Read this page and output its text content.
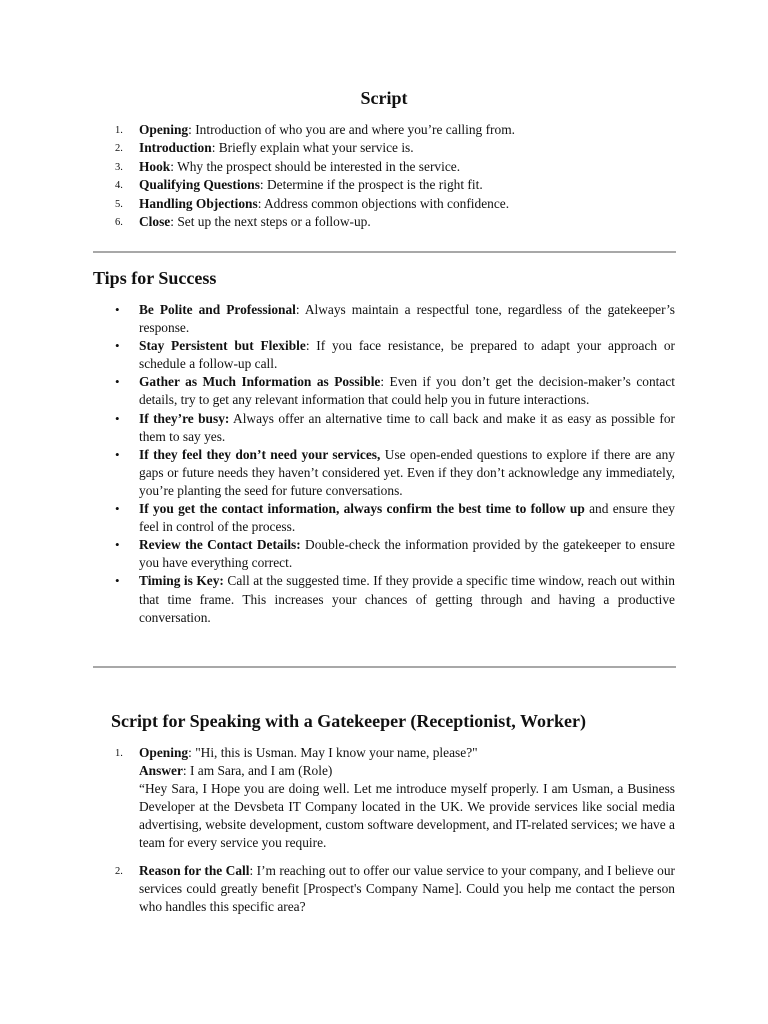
Script
1. Opening: Introduction of who you are and where you’re calling from.
2. Introduction: Briefly explain what your service is.
3. Hook: Why the prospect should be interested in the service.
4. Qualifying Questions: Determine if the prospect is the right fit.
5. Handling Objections: Address common objections with confidence.
6. Close: Set up the next steps or a follow-up.
Tips for Success
• Be Polite and Professional: Always maintain a respectful tone, regardless of the gatekeeper’s response.
• Stay Persistent but Flexible: If you face resistance, be prepared to adapt your approach or schedule a follow-up call.
• Gather as Much Information as Possible: Even if you don’t get the decision-maker’s contact details, try to get any relevant information that could help you in future interactions.
• If they’re busy: Always offer an alternative time to call back and make it as easy as possible for them to say yes.
• If they feel they don’t need your services, Use open-ended questions to explore if there are any gaps or future needs they haven’t considered yet. Even if they don’t acknowledge any immediately, you’re planting the seed for future conversations.
• If you get the contact information, always confirm the best time to follow up and ensure they feel in control of the process.
• Review the Contact Details: Double-check the information provided by the gatekeeper to ensure you have everything correct.
• Timing is Key: Call at the suggested time. If they provide a specific time window, reach out within that time frame. This increases your chances of getting through and having a productive conversation.
Script for Speaking with a Gatekeeper (Receptionist, Worker)
1. Opening: "Hi, this is Usman. May I know your name, please?"
Answer: I am Sara, and I am (Role)
“Hey Sara, I Hope you are doing well. Let me introduce myself properly. I am Usman, a Business Developer at the Devsbeta IT Company located in the UK. We provide services like social media advertising, website development, custom software development, and IT-related services; we have a team for every service you require.
2. Reason for the Call: I’m reaching out to offer our value service to your company, and I believe our services could greatly benefit [Prospect's Company Name]. Could you help me contact the person who handles this specific area?
